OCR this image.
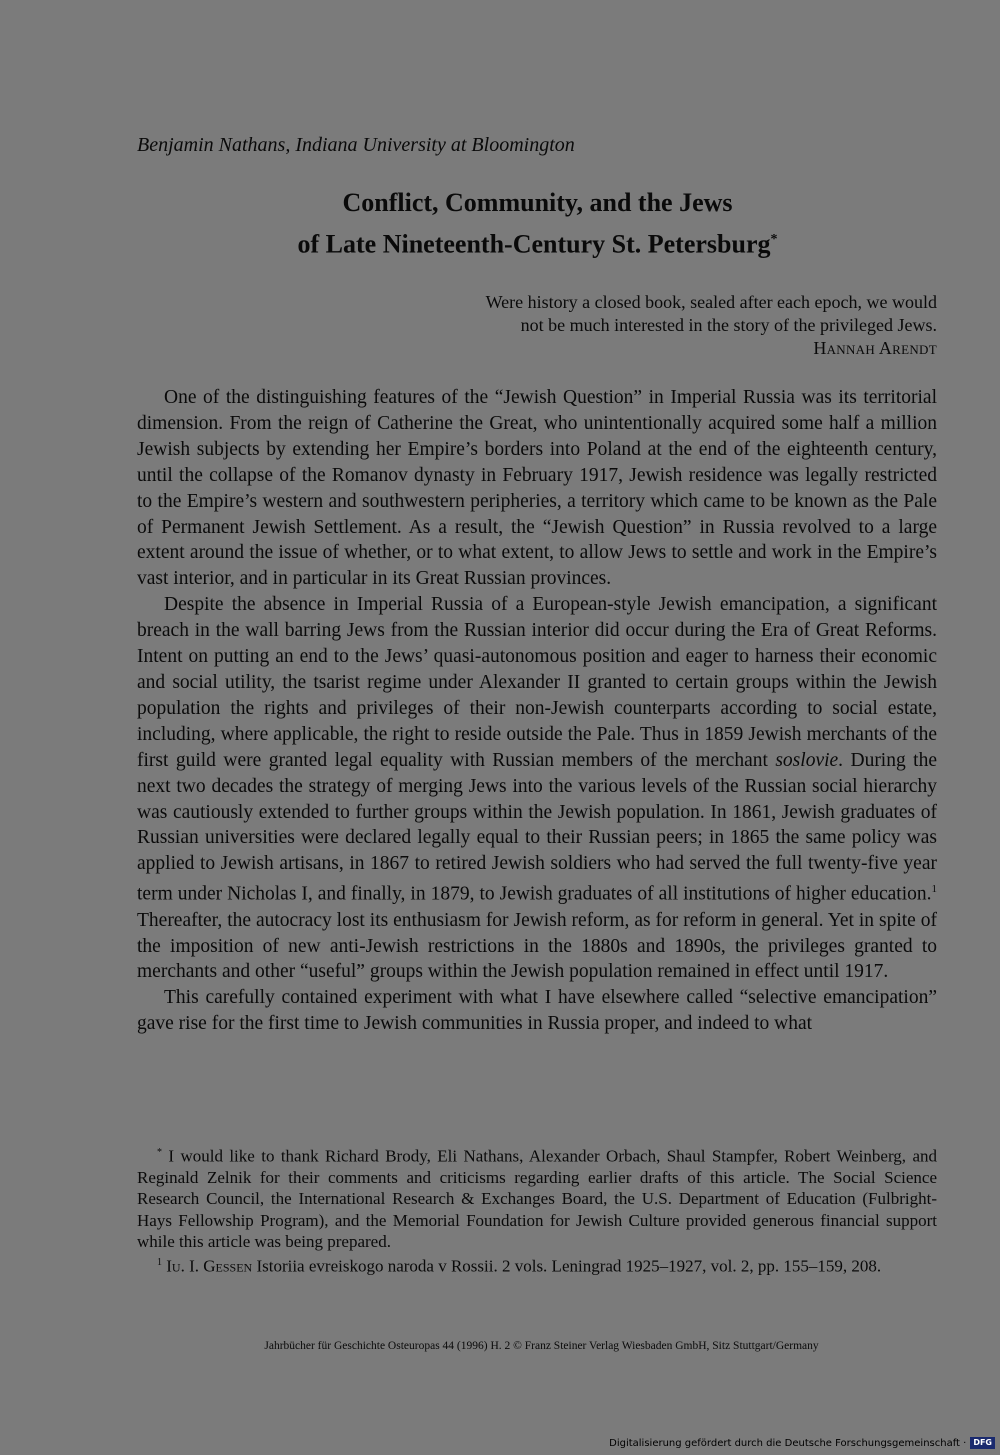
Benjamin Nathans, Indiana University at Bloomington

Conflict, Community, and the Jews
of Late Nineteenth-Century St. Petersburg*
Were history a closed book, sealed after each epoch, we would
not be much interested in the story of the privileged Jews.
Hannah Arendt

One of the distinguishing features of the “Jewish Question” in Imperial Russia was its territorial dimension. From the reign of Catherine the Great, who unintentionally acquired some half a million Jewish subjects by extending her Empire’s borders into Poland at the end of the eighteenth century, until the collapse of the Romanov dynasty in February 1917, Jewish residence was legally restricted to the Empire’s western and southwestern peripheries, a territory which came to be known as the Pale of Permanent Jewish Settlement. As a result, the “Jewish Question” in Russia revolved to a large extent around the issue of whether, or to what extent, to allow Jews to settle and work in the Empire’s vast interior, and in particular in its Great Russian provinces.

Despite the absence in Imperial Russia of a European-style Jewish emancipation, a significant breach in the wall barring Jews from the Russian interior did occur during the Era of Great Reforms. Intent on putting an end to the Jews’ quasi-autonomous position and eager to harness their economic and social utility, the tsarist regime under Alexander II granted to certain groups within the Jewish population the rights and privileges of their non-Jewish counterparts according to social estate, including, where applicable, the right to reside outside the Pale. Thus in 1859 Jewish merchants of the first guild were granted legal equality with Russian members of the merchant soslovie. During the next two decades the strategy of merging Jews into the various levels of the Russian social hierarchy was cautiously extended to further groups within the Jewish population. In 1861, Jewish graduates of Russian universities were declared legally equal to their Russian peers; in 1865 the same policy was applied to Jewish artisans, in 1867 to retired Jewish soldiers who had served the full twenty-five year term under Nicholas I, and finally, in 1879, to Jewish graduates of all institutions of higher education.$^1$ Thereafter, the autocracy lost its enthusiasm for Jewish reform, as for reform in general. Yet in spite of the imposition of new anti-Jewish restrictions in the 1880s and 1890s, the privileges granted to merchants and other “useful” groups within the Jewish population remained in effect until 1917.

This carefully contained experiment with what I have elsewhere called “selective emancipation” gave rise for the first time to Jewish communities in Russia proper, and indeed to what

* I would like to thank Richard Brody, Eli Nathans, Alexander Orbach, Shaul Stampfer, Robert Weinberg, and Reginald Zelnik for their comments and criticisms regarding earlier drafts of this article. The Social Science Research Council, the International Research & Exchanges Board, the U.S. Department of Education (Fulbright-Hays Fellowship Program), and the Memorial Foundation for Jewish Culture provided generous financial support while this article was being prepared.

$^1$ Iu. I. Gessen Istoriia evreiskogo naroda v Rossii. 2 vols. Leningrad 1925–1927, vol. 2, pp. 155–159, 208.

Jahrbücher für Geschichte Osteuropas 44 (1996) H. 2 © Franz Steiner Verlag Wiesbaden GmbH, Sitz Stuttgart/Germany

Digitalisierung gefördert durch die Deutsche Forschungsgemeinschaft · DFG
